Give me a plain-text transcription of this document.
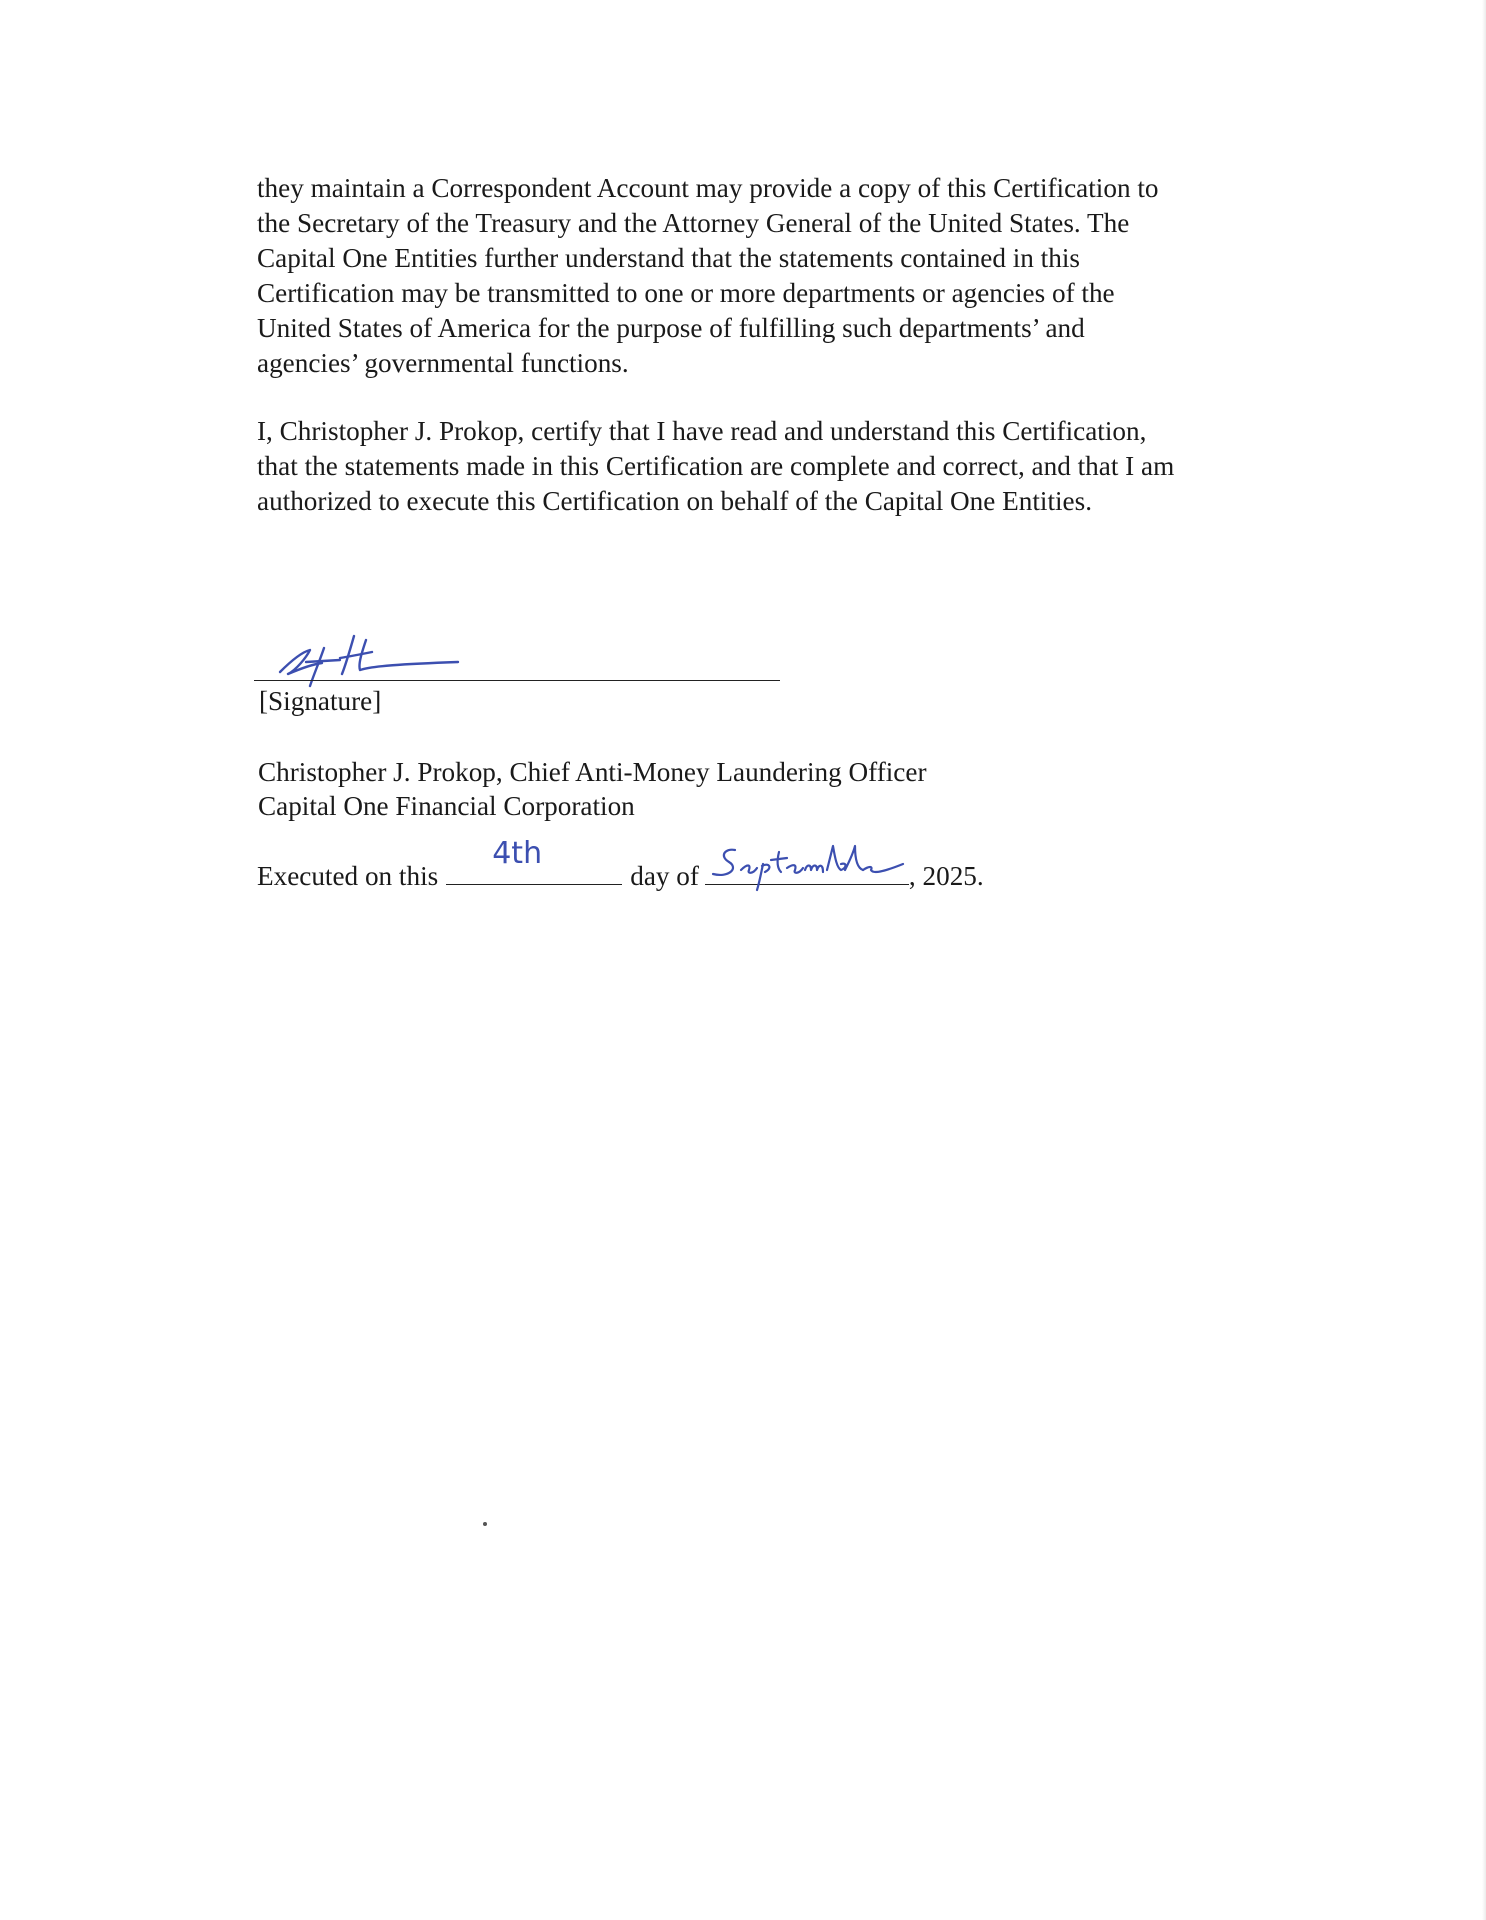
they maintain a Correspondent Account may provide a copy of this Certification to
the Secretary of the Treasury and the Attorney General of the United States. The
Capital One Entities further understand that the statements contained in this
Certification may be transmitted to one or more departments or agencies of the
United States of America for the purpose of fulfilling such departments’ and
agencies’ governmental functions.
I, Christopher J. Prokop, certify that I have read and understand this Certification,
that the statements made in this Certification are complete and correct, and that I am
authorized to execute this Certification on behalf of the Capital One Entities.
[Signature]
Christopher J. Prokop, Chief Anti-Money Laundering Officer
Capital One Financial Corporation
Executed on this
4th
day of	, 2025.
